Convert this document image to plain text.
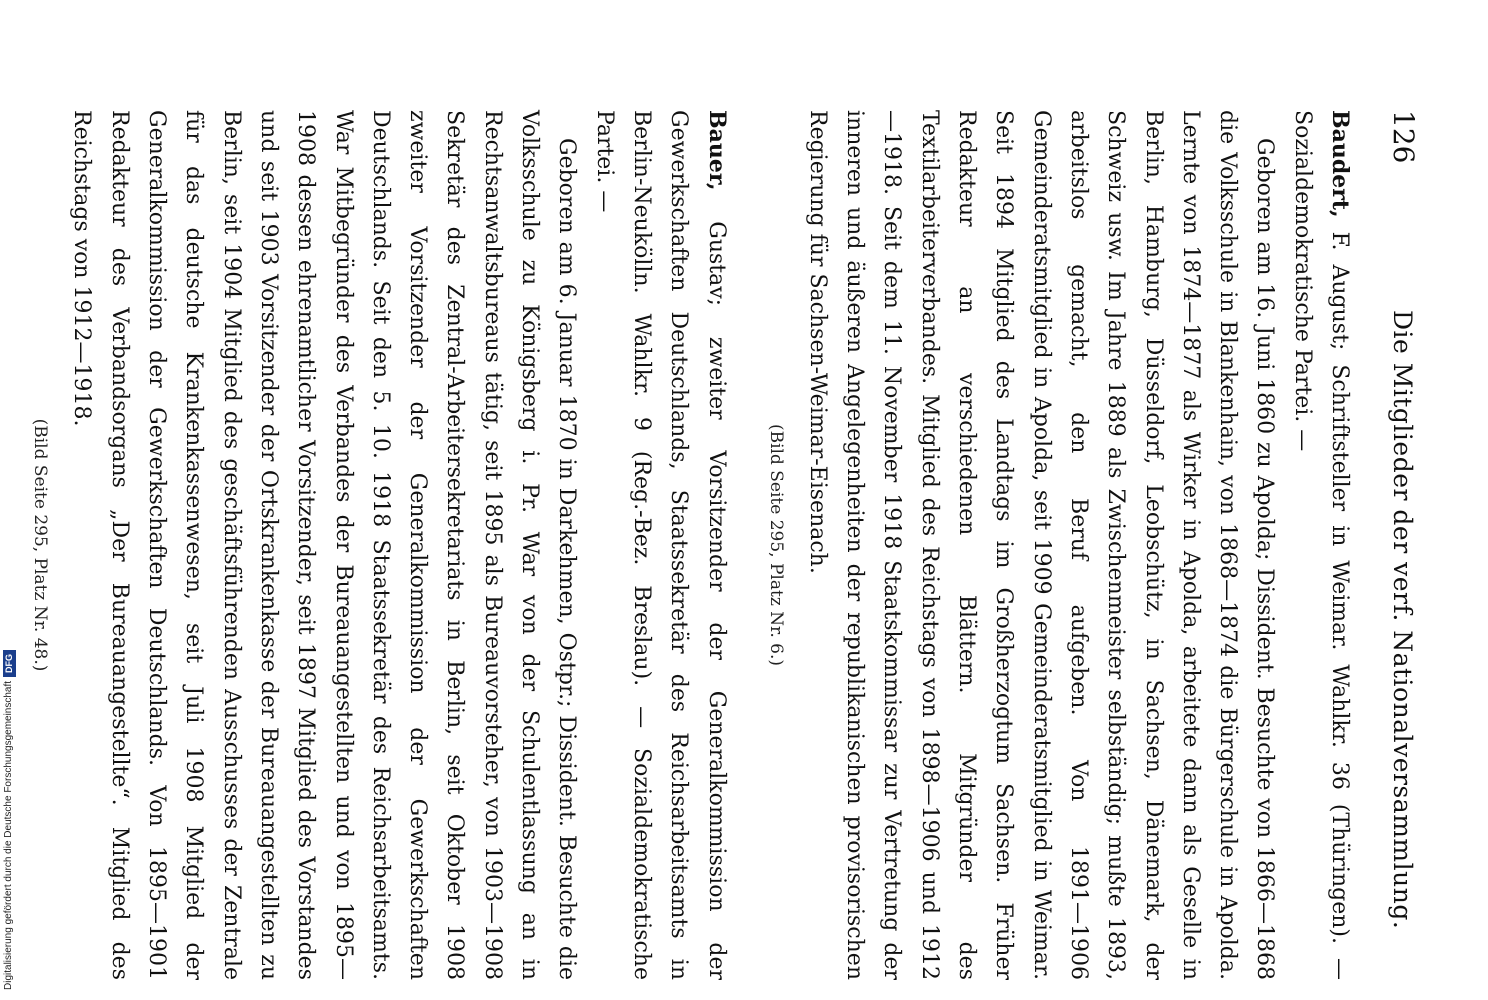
126
Die Mitglieder der verf. Nationalversammlung.

Baudert, F. August; Schriftsteller in Weimar. Wahlkr. 36 (Thüringen). — Sozialdemokratische Partei. —

Geboren am 16. Juni 1860 zu Apolda; Dissident. Besuchte von 1866—1868 die Volksschule in Blankenhain, von 1868—1874 die Bürgerschule in Apolda. Lernte von 1874—1877 als Wirker in Apolda, arbeitete dann als Geselle in Berlin, Hamburg, Düsseldorf, Leobschütz, in Sachsen, Dänemark, der Schweiz usw. Im Jahre 1889 als Zwischenmeister selbständig; mußte 1893, arbeitslos gemacht, den Beruf aufgeben. Von 1891—1906 Gemeinderatsmitglied in Apolda, seit 1909 Gemeinderatsmitglied in Weimar. Seit 1894 Mitglied des Landtags im Großherzogtum Sachsen. Früher Redakteur an verschiedenen Blättern. Mitgründer des Textilarbeiterverbandes. Mitglied des Reichstags von 1898—1906 und 1912—1918. Seit dem 11. November 1918 Staatskommissar zur Vertretung der inneren und äußeren Angelegenheiten der republikanischen provisorischen Regierung für Sachsen-Weimar-Eisenach.

(Bild Seite 295, Platz Nr. 6.)

Bauer, Gustav; zweiter Vorsitzender der Generalkommission der Gewerkschaften Deutschlands, Staatssekretär des Reichsarbeitsamts in Berlin-Neukölln. Wahlkr. 9 (Reg.-Bez. Breslau). — Sozialdemokratische Partei. —

Geboren am 6. Januar 1870 in Darkehmen, Ostpr.; Dissident. Besuchte die Volksschule zu Königsberg i. Pr. War von der Schulentlassung an in Rechtsanwaltsbureaus tätig, seit 1895 als Bureauvorsteher, von 1903—1908 Sekretär des Zentral-Arbeitersekretariats in Berlin, seit Oktober 1908 zweiter Vorsitzender der Generalkommission der Gewerkschaften Deutschlands. Seit den 5. 10. 1918 Staatssekretär des Reichsarbeitsamts. War Mitbegründer des Verbandes der Bureauangestellten und von 1895—1908 dessen ehrenamtlicher Vorsitzender, seit 1897 Mitglied des Vorstandes und seit 1903 Vorsitzender der Ortskrankenkasse der Bureauangestellten zu Berlin, seit 1904 Mitglied des geschäftsführenden Ausschusses der Zentrale für das deutsche Krankenkassenwesen, seit Juli 1908 Mitglied der Generalkommission der Gewerkschaften Deutschlands. Von 1895—1901 Redakteur des Verbandsorgans „Der Bureauangestellte“. Mitglied des Reichstags von 1912—1918.

(Bild Seite 295, Platz Nr. 48.)
Digitalisierung gefördert durch die Deutsche Forschungsgemeinschaft
DFG
